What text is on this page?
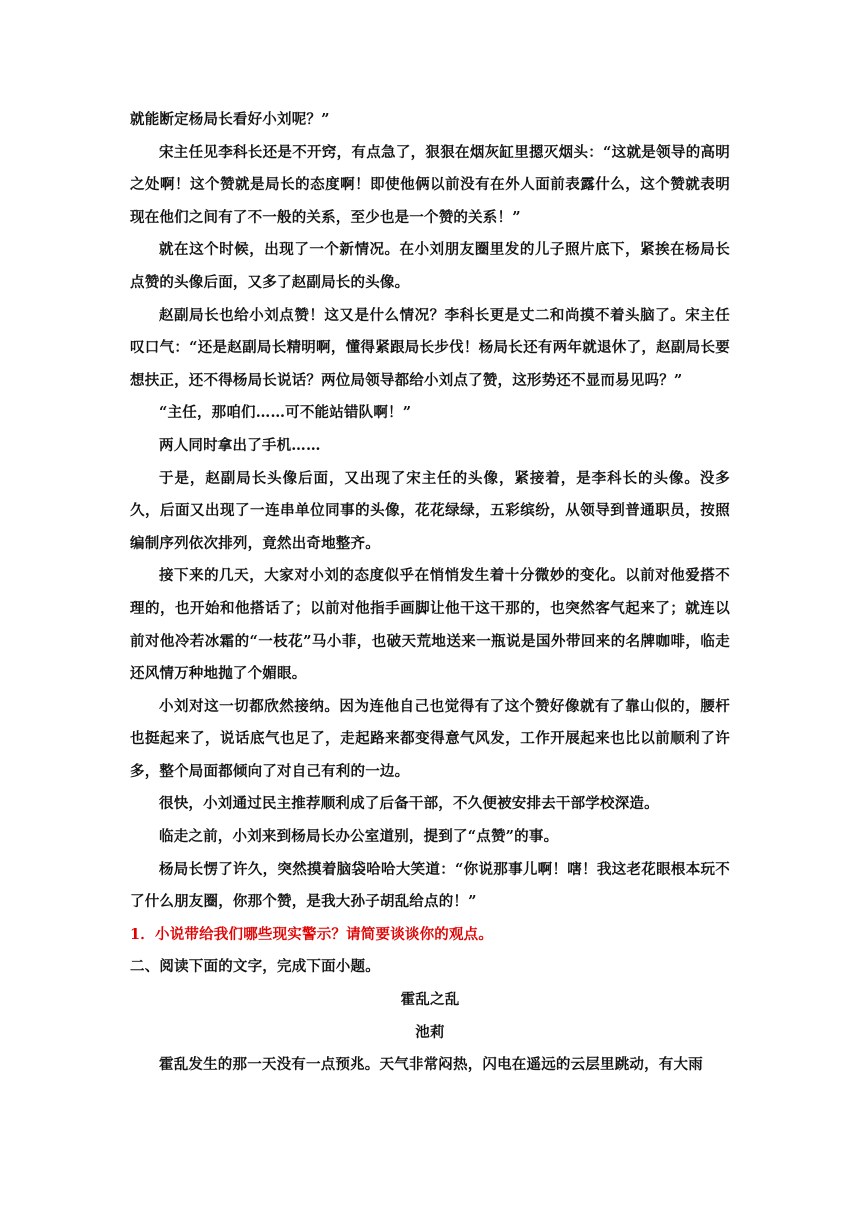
就能断定杨局长看好小刘呢？”

宋主任见李科长还是不开窍，有点急了，狠狠在烟灰缸里摁灭烟头：“这就是领导的高明之处啊！这个赞就是局长的态度啊！即使他俩以前没有在外人面前表露什么，这个赞就表明现在他们之间有了不一般的关系，至少也是一个赞的关系！”

就在这个时候，出现了一个新情况。在小刘朋友圈里发的儿子照片底下，紧挨在杨局长点赞的头像后面，又多了赵副局长的头像。

赵副局长也给小刘点赞！这又是什么情况？李科长更是丈二和尚摸不着头脑了。宋主任叹口气：“还是赵副局长精明啊，懂得紧跟局长步伐！杨局长还有两年就退休了，赵副局长要想扶正，还不得杨局长说话？两位局领导都给小刘点了赞，这形势还不显而易见吗？”

“主任，那咱们……可不能站错队啊！”

两人同时拿出了手机……

于是，赵副局长头像后面，又出现了宋主任的头像，紧接着，是李科长的头像。没多久，后面又出现了一连串单位同事的头像，花花绿绿，五彩缤纷，从领导到普通职员，按照编制序列依次排列，竟然出奇地整齐。

接下来的几天，大家对小刘的态度似乎在悄悄发生着十分微妙的变化。以前对他爱搭不理的，也开始和他搭话了；以前对他指手画脚让他干这干那的，也突然客气起来了；就连以前对他冷若冰霜的“一枝花”马小菲，也破天荒地送来一瓶说是国外带回来的名牌咖啡，临走还风情万种地抛了个媚眼。

小刘对这一切都欣然接纳。因为连他自己也觉得有了这个赞好像就有了靠山似的，腰杆也挺起来了，说话底气也足了，走起路来都变得意气风发，工作开展起来也比以前顺利了许多，整个局面都倾向了对自己有利的一边。

很快，小刘通过民主推荐顺利成了后备干部，不久便被安排去干部学校深造。

临走之前，小刘来到杨局长办公室道别，提到了“点赞”的事。

杨局长愣了许久，突然摸着脑袋哈哈大笑道：“你说那事儿啊！嗐！我这老花眼根本玩不了什么朋友圈，你那个赞，是我大孙子胡乱给点的！”

1．小说带给我们哪些现实警示？请简要谈谈你的观点。

二、阅读下面的文字，完成下面小题。

霍乱之乱

池莉

霍乱发生的那一天没有一点预兆。天气非常闷热，闪电在遥远的云层里跳动，有大雨
